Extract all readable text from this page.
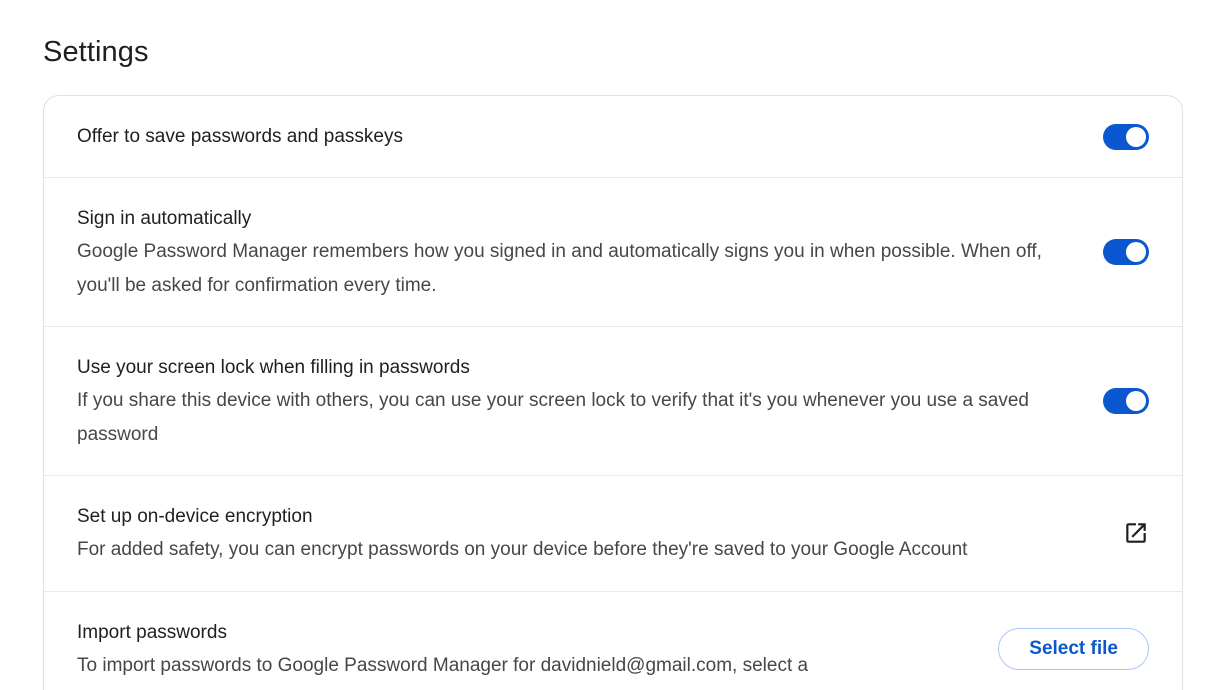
Settings
Offer to save passwords and passkeys
Sign in automatically
Google Password Manager remembers how you signed in and automatically signs you in when possible. When off, you'll be asked for confirmation every time.
Use your screen lock when filling in passwords
If you share this device with others, you can use your screen lock to verify that it's you whenever you use a saved password
Set up on-device encryption
For added safety, you can encrypt passwords on your device before they're saved to your Google Account
Import passwords
To import passwords to Google Password Manager for davidnield@gmail.com, select a
Select file
